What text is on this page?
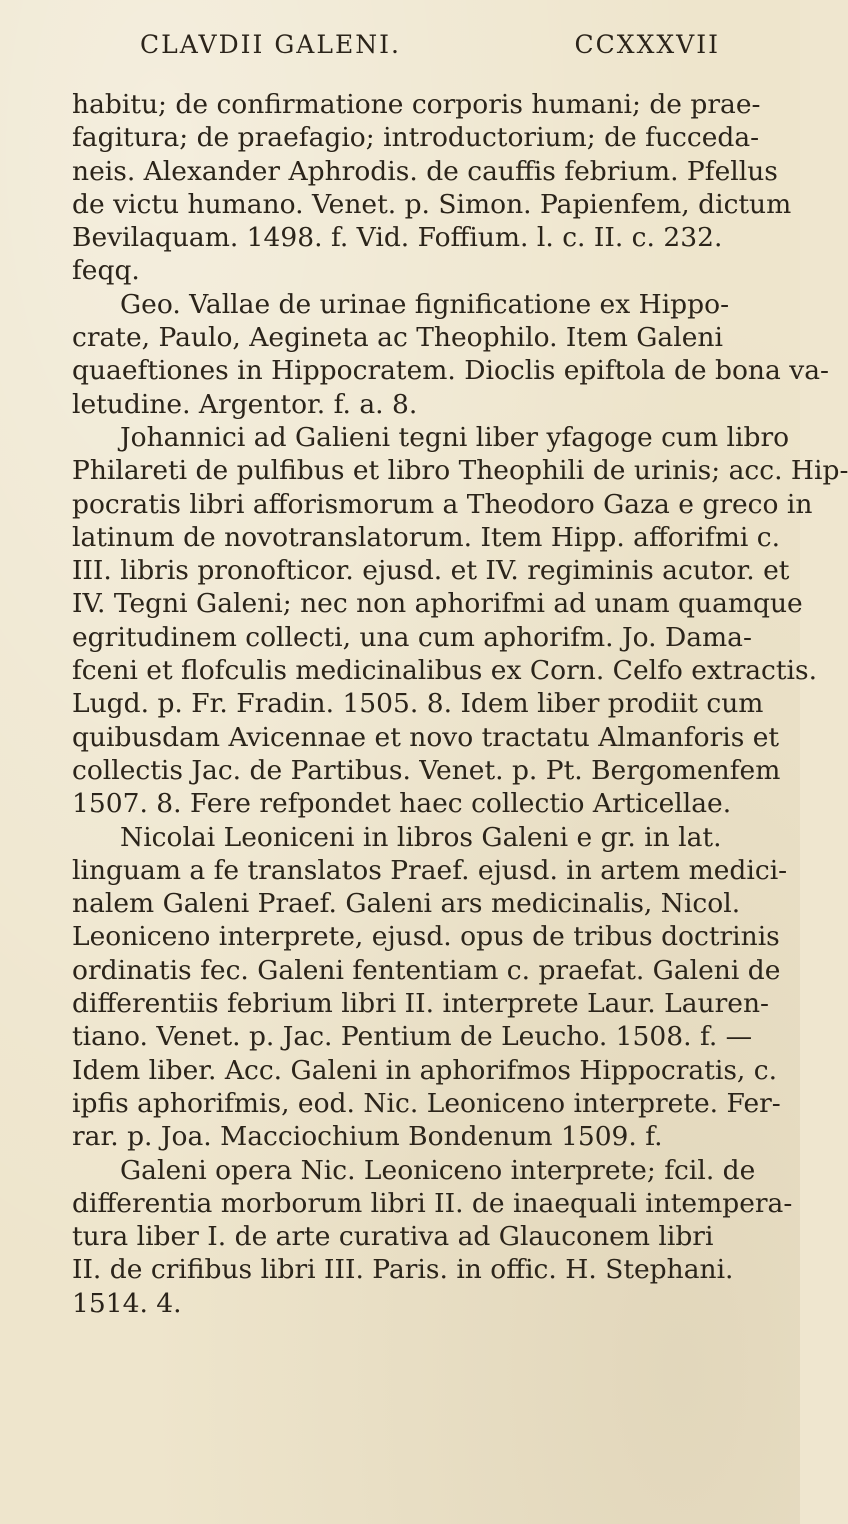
CLAVDII GALENI.	ССXXXVII
habitu; de confirmatione corporis humani; de prae-
fagitura; de praefagio; introductorium; de fucceda-
neis. Alexander Aphrodis. de cauffis febrium. Pfellus
de victu humano. Venet. p. Simon. Papienfem, dictum
Bevilaquam. 1498. f. Vid. Foffium. l. c. II. c. 232.
feqq.
Geo. Vallae de urinae fignificatione ex Hippo-
crate, Paulo, Aegineta ac Theophilo. Item Galeni
quaeftiones in Hippocratem. Dioclis epiftola de bona va-
letudine. Argentor. f. a. 8.
Johannici ad Galieni tegni liber yfagoge cum libro
Philareti de pulfibus et libro Theophili de urinis; acc. Hip-
pocratis libri afforismorum a Theodoro Gaza e greco in
latinum de novotranslatorum. Item Hipp. afforifmi c.
III. libris pronofticor. ejusd. et IV. regiminis acutor. et
IV. Tegni Galeni; nec non aphorifmi ad unam quamque
egritudinem collecti, una cum aphorifm. Jo. Dama-
fceni et flofculis medicinalibus ex Corn. Celfo extractis.
Lugd. p. Fr. Fradin. 1505. 8. Idem liber prodiit cum
quibusdam Avicennae et novo tractatu Almanforis et
collectis Jac. de Partibus. Venet. p. Pt. Bergomenfem
1507. 8. Fere refpondet haec collectio Articellae.
Nicolai Leoniceni in libros Galeni e gr. in lat.
linguam a fe translatos Praef. ejusd. in artem medici-
nalem Galeni Praef. Galeni ars medicinalis, Nicol.
Leoniceno interprete, ejusd. opus de tribus doctrinis
ordinatis fec. Galeni fententiam c. praefat. Galeni de
differentiis febrium libri II. interprete Laur. Lauren-
tiano. Venet. p. Jac. Pentium de Leucho. 1508. f. —
Idem liber. Acc. Galeni in aphorifmos Hippocratis, c.
ipfis aphorifmis, eod. Nic. Leoniceno interprete. Fer-
rar. p. Joa. Macciochium Bondenum 1509. f.
Galeni opera Nic. Leoniceno interprete; fcil. de
differentia morborum libri II. de inaequali intempera-
tura liber I. de arte curativa ad Glauconem libri
II. de crifibus libri III. Paris. in offic. H. Stephani.
1514. 4.
